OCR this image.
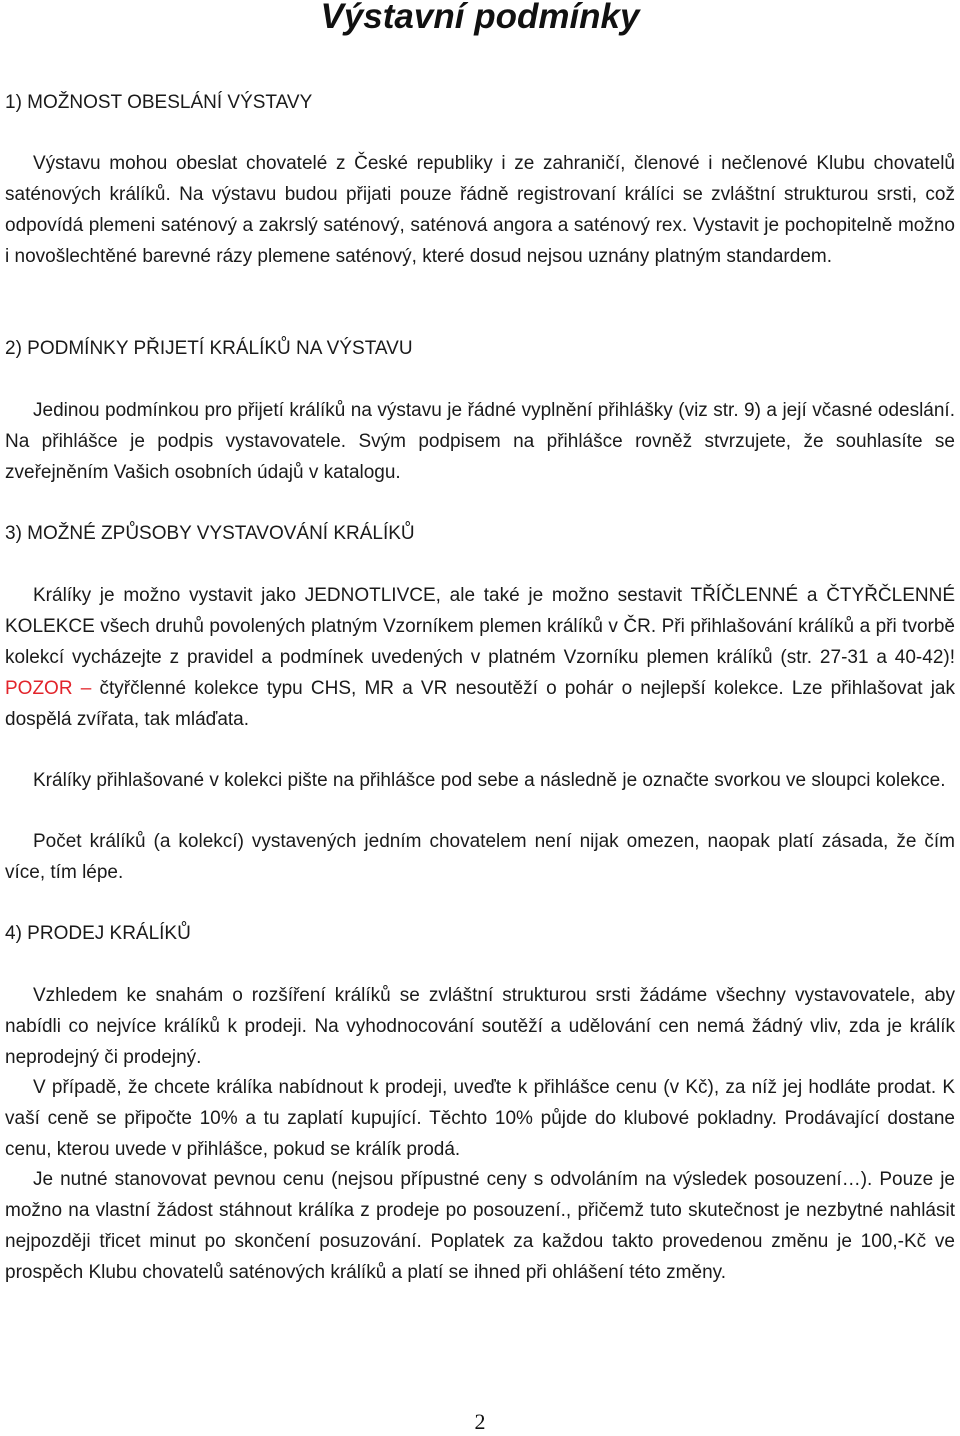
Výstavní podmínky
1) MOŽNOST OBESLÁNÍ VÝSTAVY

Výstavu mohou obeslat chovatelé z České republiky i ze zahraničí, členové i nečlenové Klubu chovatelů saténových králíků. Na výstavu budou přijati pouze řádně registrovaní králíci se zvláštní strukturou srsti, což odpovídá plemeni saténový a zakrslý saténový, saténová angora a saténový rex. Vystavit je pochopitelně možno i novošlechtěné barevné rázy plemene saténový, které dosud nejsou uznány platným standardem.

2) PODMÍNKY PŘIJETÍ KRÁLÍKŮ NA VÝSTAVU

Jedinou podmínkou pro přijetí králíků na výstavu je řádné vyplnění přihlášky (viz str. 9) a její včasné odeslání. Na přihlášce je podpis vystavovatele. Svým podpisem na přihlášce rovněž stvrzujete, že souhlasíte se zveřejněním Vašich osobních údajů v katalogu.

3) MOŽNÉ ZPŮSOBY VYSTAVOVÁNÍ KRÁLÍKŮ

Králíky je možno vystavit jako JEDNOTLIVCE, ale také je možno sestavit TŘÍČLENNÉ a ČTYŘČLENNÉ KOLEKCE všech druhů povolených platným Vzorníkem plemen králíků v ČR. Při přihlašování králíků a při tvorbě kolekcí vycházejte z pravidel a podmínek uvedených v platném Vzorníku plemen králíků (str. 27-31 a 40-42)! POZOR – čtyřčlenné kolekce typu CHS, MR a VR nesoutěží o pohár o nejlepší kolekce. Lze přihlašovat jak dospělá zvířata, tak mláďata.

Králíky přihlašované v kolekci pište na přihlášce pod sebe a následně je označte svorkou ve sloupci kolekce.

Počet králíků (a kolekcí) vystavených jedním chovatelem není nijak omezen, naopak platí zásada, že čím více, tím lépe.

4) PRODEJ KRÁLÍKŮ

Vzhledem ke snahám o rozšíření králíků se zvláštní strukturou srsti žádáme všechny vystavovatele, aby nabídli co nejvíce králíků k prodeji. Na vyhodnocování soutěží a udělování cen nemá žádný vliv, zda je králík neprodejný či prodejný.

V případě, že chcete králíka nabídnout k prodeji, uveďte k přihlášce cenu (v Kč), za níž jej hodláte prodat. K vaší ceně se připočte 10% a tu zaplatí kupující. Těchto 10% půjde do klubové pokladny. Prodávající dostane cenu, kterou uvede v přihlášce, pokud se králík prodá.

Je nutné stanovovat pevnou cenu (nejsou přípustné ceny s odvoláním na výsledek posouzení…). Pouze je možno na vlastní žádost stáhnout králíka z prodeje po posouzení., přičemž tuto skutečnost je nezbytné nahlásit nejpozději třicet minut po skončení posuzování. Poplatek za každou takto provedenou změnu je 100,-Kč ve prospěch Klubu chovatelů saténových králíků a platí se ihned při ohlášení této změny.

2
